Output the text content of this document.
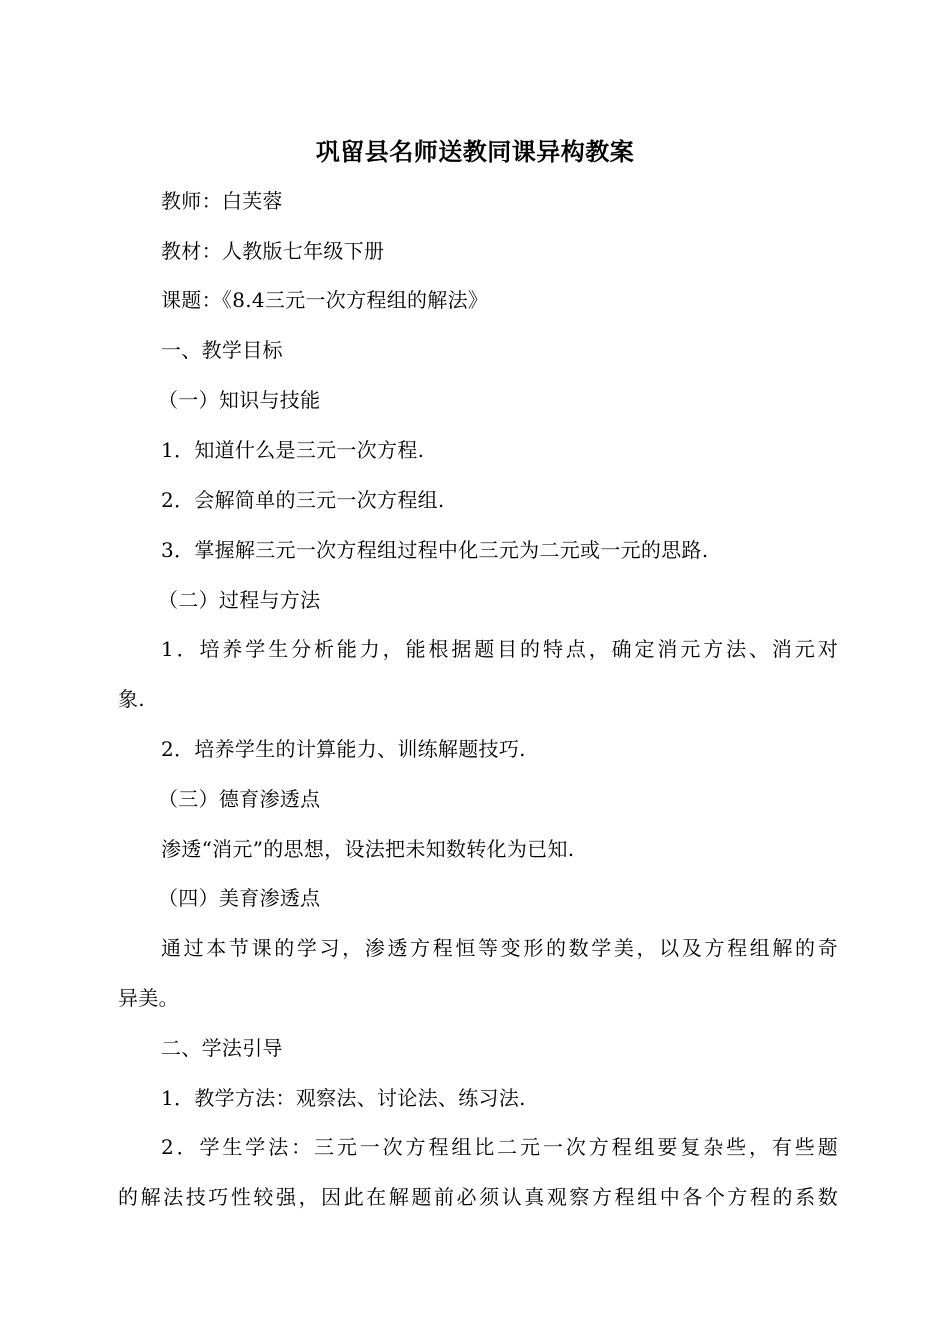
巩留县名师送教同课异构教案
教师：白芙蓉
教材：人教版七年级下册
课题：《8.4三元一次方程组的解法》
一、教学目标
（一）知识与技能
1．知道什么是三元一次方程.
2．会解简单的三元一次方程组.
3．掌握解三元一次方程组过程中化三元为二元或一元的思路.
（二）过程与方法
1．培养学生分析能力，能根据题目的特点，确定消元方法、消元对
象.
2．培养学生的计算能力、训练解题技巧.
（三）德育渗透点
渗透“消元”的思想，设法把未知数转化为已知.
（四）美育渗透点
通过本节课的学习，渗透方程恒等变形的数学美，以及方程组解的奇
异美。
二、学法引导
1．教学方法：观察法、讨论法、练习法.
2．学生学法：三元一次方程组比二元一次方程组要复杂些，有些题
的解法技巧性较强，因此在解题前必须认真观察方程组中各个方程的系数
